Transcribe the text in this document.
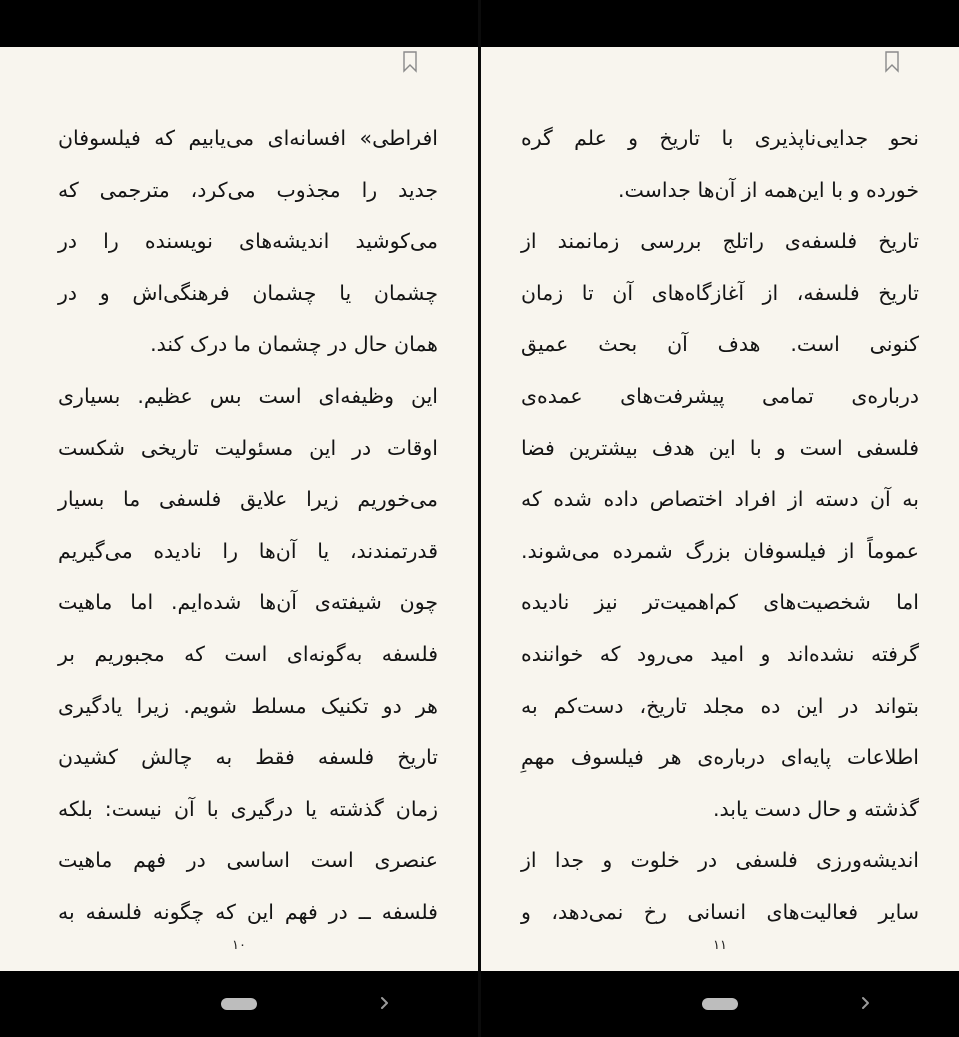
افراطی» افسانه‌ای می‌یابیم که فیلسوفان
جدید را مجذوب می‌کرد، مترجمی که
می‌کوشید اندیشه‌های نویسنده را در
چشمان یا چشمان فرهنگی‌اش و در
همان حال در چشمان ما درک کند.
این وظیفه‌ای است بس عظیم. بسیاری
اوقات در این مسئولیت تاریخی شکست
می‌خوریم زیرا علایق فلسفی ما بسیار
قدرتمندند، یا آن‌ها را نادیده می‌گیریم
چون شیفته‌ی آن‌ها شده‌ایم. اما ماهیت
فلسفه به‌گونه‌ای است که مجبوریم بر
هر دو تکنیک مسلط شویم. زیرا یادگیری
تاریخ فلسفه فقط به چالش کشیدن
زمان گذشته یا درگیری با آن نیست: بلکه
عنصری است اساسی در فهم ماهیت
فلسفه ــ در فهم این که چگونه فلسفه به
۱۰
نحو جدایی‌ناپذیری با تاریخ و علم گره
خورده و با این‌همه از آن‌ها جداست.
تاریخ فلسفه‌ی راتلج بررسی زمانمند از
تاریخ فلسفه، از آغازگاه‌های آن تا زمان
کنونی است. هدف آن بحث عمیق
درباره‌ی تمامی پیشرفت‌های عمده‌ی
فلسفی است و با این هدف بیشترین فضا
به آن دسته از افراد اختصاص داده شده که
عموماً از فیلسوفان بزرگ شمرده می‌شوند.
اما شخصیت‌های کم‌اهمیت‌تر نیز نادیده
گرفته نشده‌اند و امید می‌رود که خواننده
بتواند در این ده مجلد تاریخ، دست‌کم به
اطلاعات پایه‌ای درباره‌ی هر فیلسوف مهمِ
گذشته و حال دست یابد.
اندیشه‌ورزی فلسفی در خلوت و جدا از
سایر فعالیت‌های انسانی رخ نمی‌دهد، و
۱۱
